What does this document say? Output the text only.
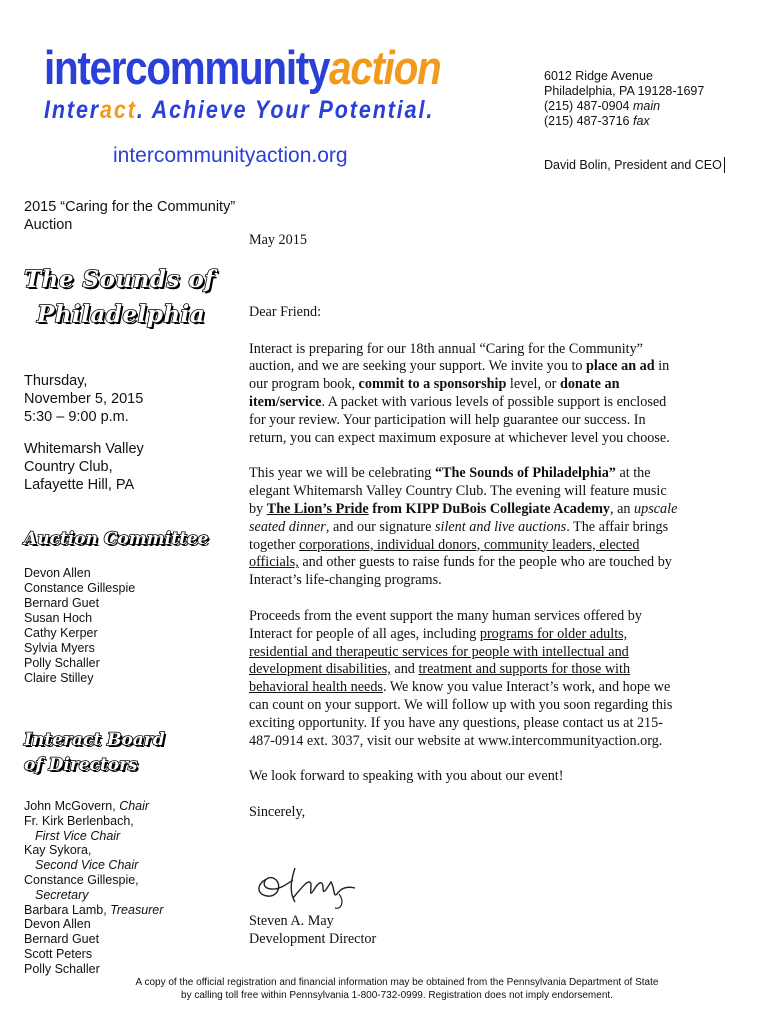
intercommunityaction
Interact. Achieve Your Potential.
intercommunityaction.org
6012 Ridge Avenue
Philadelphia, PA 19128-1697
(215) 487-0904 main
(215) 487-3716 fax
David Bolin, President and CEO

2015 “Caring for the Community” Auction

The Sounds of
Philadelphia
Thursday,
November 5, 2015
5:30 – 9:00 p.m.
Whitemarsh Valley
Country Club,
Lafayette Hill, PA
Auction Committee
Devon Allen
Constance Gillespie
Bernard Guet
Susan Hoch
Cathy Kerper
Sylvia Myers
Polly Schaller
Claire Stilley
Interact Board
of Directors
John McGovern, Chair
Fr. Kirk Berlenbach,
First Vice Chair
Kay Sykora,
Second Vice Chair
Constance Gillespie,
Secretary
Barbara Lamb, Treasurer
Devon Allen
Bernard Guet
Scott Peters
Polly Schaller

May 2015

Dear Friend:

Interact is preparing for our 18th annual “Caring for the Community” auction, and we are seeking your support. We invite you to place an ad in our program book, commit to a sponsorship level, or donate an item/service. A packet with various levels of possible support is enclosed for your review. Your participation will help guarantee our success. In return, you can expect maximum exposure at whichever level you choose.

This year we will be celebrating “The Sounds of Philadelphia” at the elegant Whitemarsh Valley Country Club. The evening will feature music by The Lion’s Pride from KIPP DuBois Collegiate Academy, an upscale seated dinner, and our signature silent and live auctions. The affair brings together corporations, individual donors, community leaders, elected officials, and other guests to raise funds for the people who are touched by Interact’s life-changing programs.

Proceeds from the event support the many human services offered by Interact for people of all ages, including programs for older adults, residential and therapeutic services for people with intellectual and development disabilities, and treatment and supports for those with behavioral health needs. We know you value Interact’s work, and hope we can count on your support. We will follow up with you soon regarding this exciting opportunity. If you have any questions, please contact us at 215-487-0914 ext. 3037, visit our website at www.intercommunityaction.org.

We look forward to speaking with you about our event!

Sincerely,

Steven A. May
Development Director
A copy of the official registration and financial information may be obtained from the Pennsylvania Department of State
by calling toll free within Pennsylvania 1-800-732-0999. Registration does not imply endorsement.
